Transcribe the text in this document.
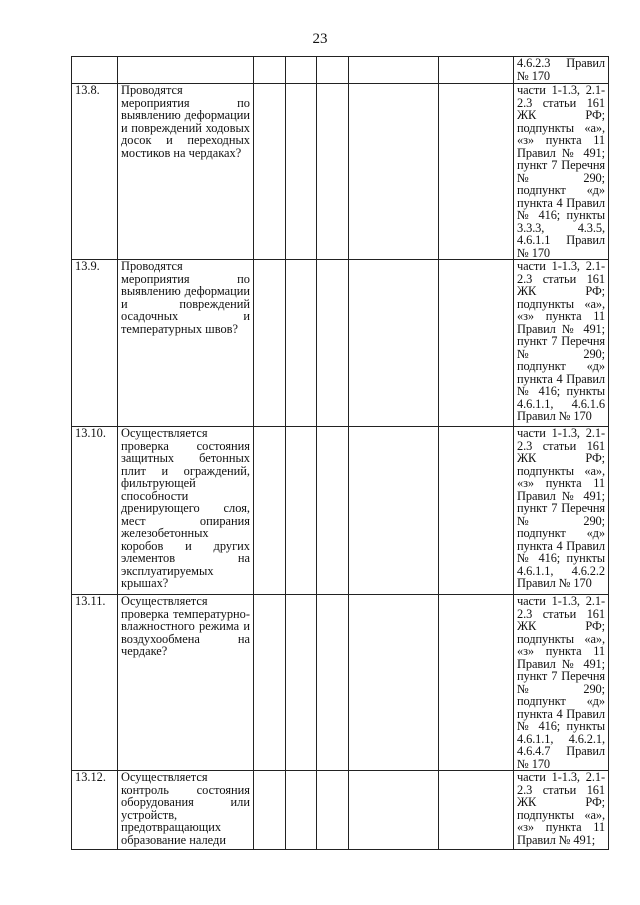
23
							4.6.2.3 Правил № 170
13.8.	Проводятся мероприятия по выявлению деформации и повреждений ходовых досок и переходных мостиков на чердаках?						части 1-1.3, 2.1-2.3 статьи 161 ЖК РФ; подпункты «а», «з» пункта 11 Правил № 491; пункт 7 Перечня № 290; подпункт «д» пункта 4 Правил № 416; пункты 3.3.3, 4.3.5, 4.6.1.1 Правил № 170
13.9.	Проводятся мероприятия по выявлению деформации и повреждений осадочных и температурных швов?						части 1-1.3, 2.1-2.3 статьи 161 ЖК РФ; подпункты «а», «з» пункта 11 Правил № 491; пункт 7 Перечня № 290; подпункт «д» пункта 4 Правил № 416; пункты 4.6.1.1, 4.6.1.6 Правил № 170
13.10.	Осуществляется проверка состояния защитных бетонных плит и ограждений, фильтрующей способности дренирующего слоя, мест опирания железобетонных коробов и других элементов на эксплуатируемых крышах?						части 1-1.3, 2.1-2.3 статьи 161 ЖК РФ; подпункты «а», «з» пункта 11 Правил № 491; пункт 7 Перечня № 290; подпункт «д» пункта 4 Правил № 416; пункты 4.6.1.1, 4.6.2.2 Правил № 170
13.11.	Осуществляется проверка температурно-влажностного режима и воздухообмена на чердаке?						части 1-1.3, 2.1-2.3 статьи 161 ЖК РФ; подпункты «а», «з» пункта 11 Правил № 491; пункт 7 Перечня № 290; подпункт «д» пункта 4 Правил № 416; пункты 4.6.1.1, 4.6.2.1, 4.6.4.7 Правил № 170
13.12.	Осуществляется контроль состояния оборудования или устройств, предотвращающих образование наледи						части 1-1.3, 2.1-2.3 статьи 161 ЖК РФ; подпункты «а», «з» пункта 11 Правил № 491;
